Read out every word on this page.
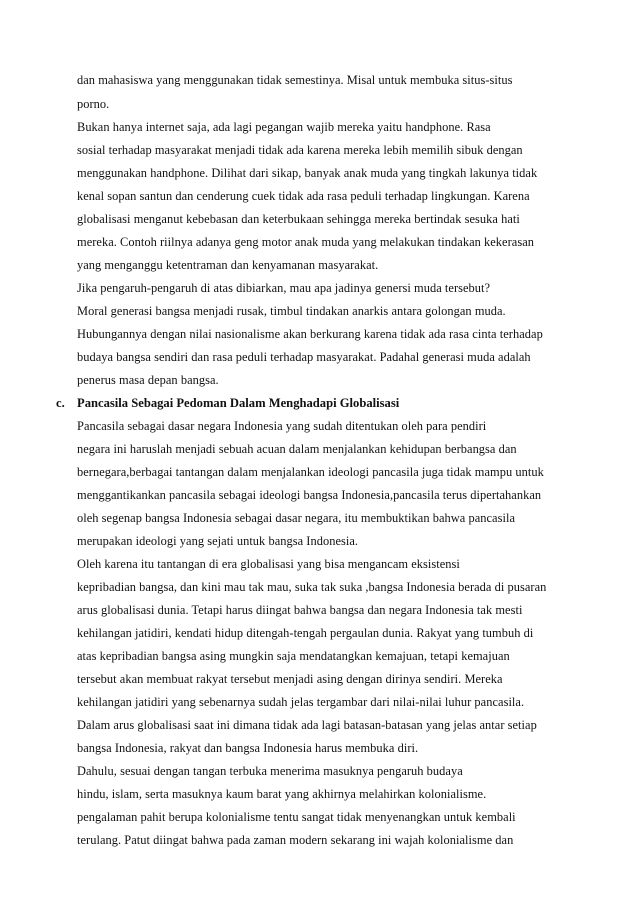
dan mahasiswa yang menggunakan tidak semestinya. Misal untuk membuka situs-situs
porno.
Bukan hanya internet saja, ada lagi pegangan wajib mereka yaitu handphone. Rasa
sosial terhadap masyarakat menjadi tidak ada karena mereka lebih memilih sibuk dengan
menggunakan handphone. Dilihat dari sikap, banyak anak muda yang tingkah lakunya tidak
kenal sopan santun dan cenderung cuek tidak ada rasa peduli terhadap lingkungan. Karena
globalisasi menganut kebebasan dan keterbukaan sehingga mereka bertindak sesuka hati
mereka. Contoh riilnya adanya geng motor anak muda yang melakukan tindakan kekerasan
yang menganggu ketentraman dan kenyamanan masyarakat.
Jika pengaruh-pengaruh di atas dibiarkan, mau apa jadinya genersi muda tersebut?
Moral generasi bangsa menjadi rusak, timbul tindakan anarkis antara golongan muda.
Hubungannya dengan nilai nasionalisme akan berkurang karena tidak ada rasa cinta terhadap
budaya bangsa sendiri dan rasa peduli terhadap masyarakat. Padahal generasi muda adalah
penerus masa depan bangsa.
c. Pancasila Sebagai Pedoman Dalam Menghadapi Globalisasi
Pancasila sebagai dasar negara Indonesia yang sudah ditentukan oleh para pendiri
negara ini haruslah menjadi sebuah acuan dalam menjalankan kehidupan berbangsa dan
bernegara,berbagai tantangan dalam menjalankan ideologi pancasila juga tidak mampu untuk
menggantikankan pancasila sebagai ideologi bangsa Indonesia,pancasila terus dipertahankan
oleh segenap bangsa Indonesia sebagai dasar negara, itu membuktikan bahwa pancasila
merupakan ideologi yang sejati untuk bangsa Indonesia.
Oleh karena itu tantangan di era globalisasi yang bisa mengancam eksistensi
kepribadian bangsa, dan kini mau tak mau, suka tak suka ,bangsa Indonesia berada di pusaran
arus globalisasi dunia. Tetapi harus diingat bahwa bangsa dan negara Indonesia tak mesti
kehilangan jatidiri, kendati hidup ditengah-tengah pergaulan dunia. Rakyat yang tumbuh di
atas kepribadian bangsa asing mungkin saja mendatangkan kemajuan, tetapi kemajuan
tersebut akan membuat rakyat tersebut menjadi asing dengan dirinya sendiri. Mereka
kehilangan jatidiri yang sebenarnya sudah jelas tergambar dari nilai-nilai luhur pancasila.
Dalam arus globalisasi saat ini dimana tidak ada lagi batasan-batasan yang jelas antar setiap
bangsa Indonesia, rakyat dan bangsa Indonesia harus membuka diri.
Dahulu, sesuai dengan tangan terbuka menerima masuknya pengaruh budaya
hindu, islam, serta masuknya kaum barat yang akhirnya melahirkan kolonialisme.
pengalaman pahit berupa kolonialisme tentu sangat tidak menyenangkan untuk kembali
terulang. Patut diingat bahwa pada zaman modern sekarang ini wajah kolonialisme dan
